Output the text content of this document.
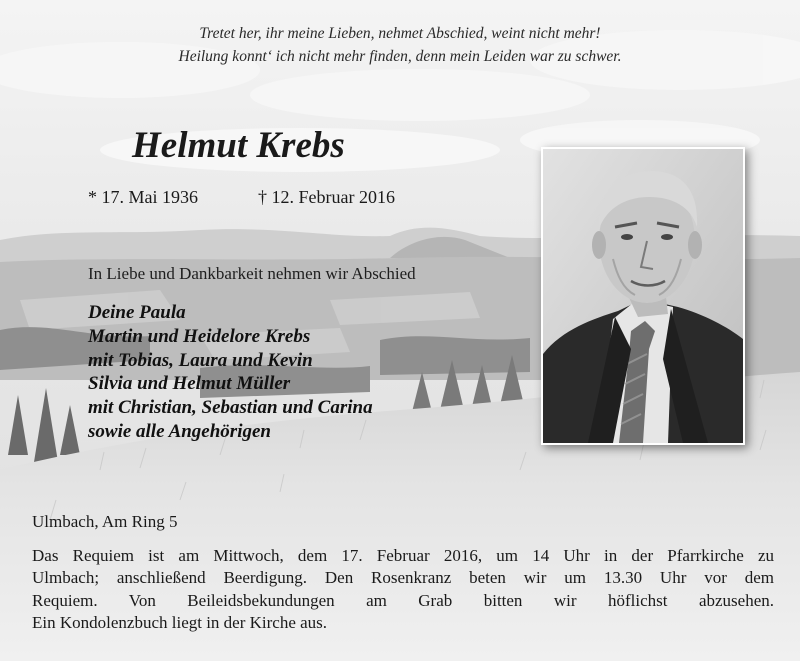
Tretet her, ihr meine Lieben, nehmet Abschied, weint nicht mehr!
Heilung konnt‘ ich nicht mehr finden, denn mein Leiden war zu schwer.
Helmut Krebs
* 17. Mai 1936	† 12. Februar 2016
In Liebe und Dankbarkeit nehmen wir Abschied
Deine Paula
Martin und Heidelore Krebs
mit Tobias, Laura und Kevin
Silvia und Helmut Müller
mit Christian, Sebastian und Carina
sowie alle Angehörigen
Ulmbach, Am Ring 5
Das Requiem ist am Mittwoch, dem 17. Februar 2016, um 14 Uhr in der Pfarrkirche zu
Ulmbach; anschließend Beerdigung. Den Rosenkranz beten wir um 13.30 Uhr vor dem
Requiem. Von Beileidsbekundungen am Grab bitten wir höflichst abzusehen.
Ein Kondolenzbuch liegt in der Kirche aus.
